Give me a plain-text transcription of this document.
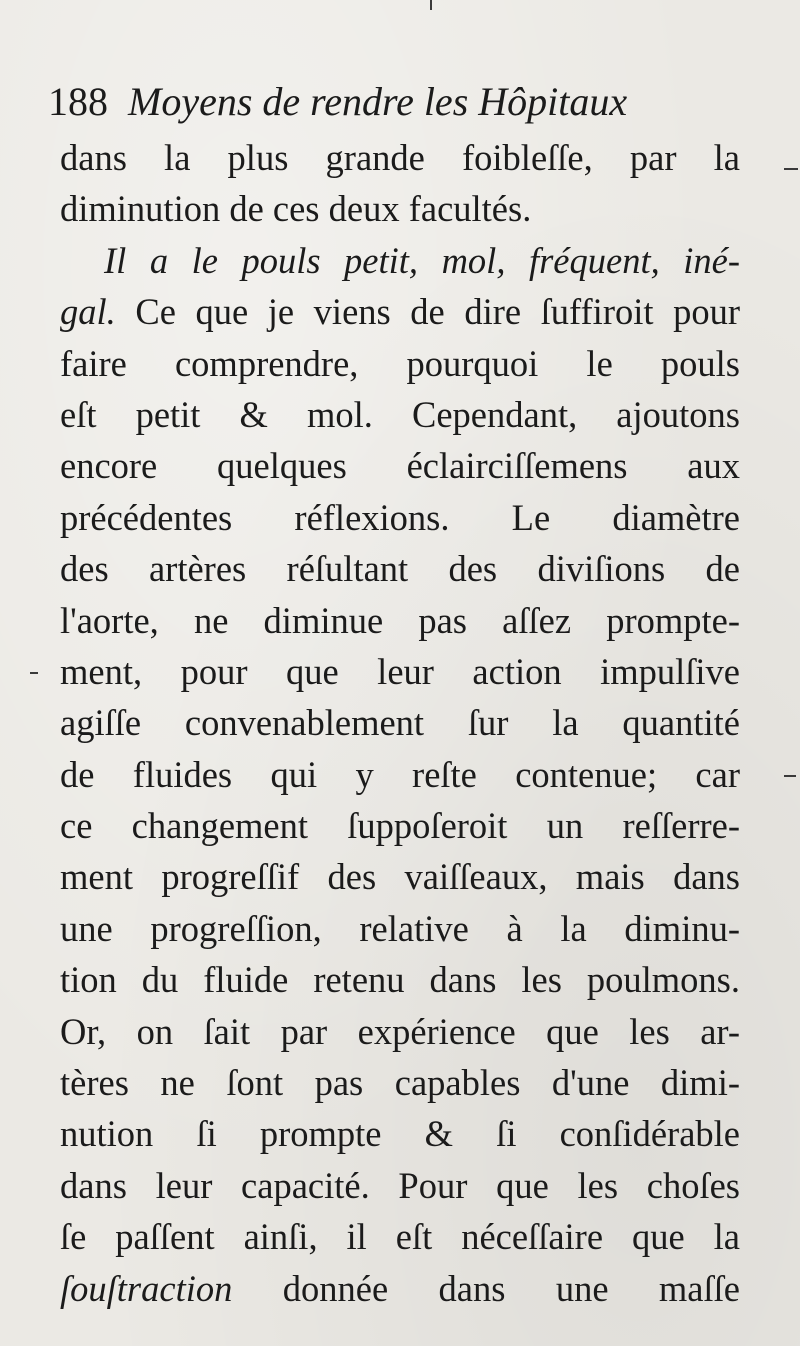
188 Moyens de rendre les Hôpitaux
dans la plus grande foibleſſe, par la
diminution de ces deux facultés.
Il a le pouls petit, mol, fréquent, iné-
gal. Ce que je viens de dire ſuffiroit pour
faire comprendre, pourquoi le pouls
eſt petit & mol. Cependant, ajoutons
encore quelques éclairciſſemens aux
précédentes réflexions. Le diamètre
des artères réſultant des diviſions de
l'aorte, ne diminue pas aſſez prompte-
ment, pour que leur action impulſive
agiſſe convenablement ſur la quantité
de fluides qui y reſte contenue; car
ce changement ſuppoſeroit un reſſerre-
ment progreſſif des vaiſſeaux, mais dans
une progreſſion, relative à la diminu-
tion du fluide retenu dans les poulmons.
Or, on ſait par expérience que les ar-
tères ne ſont pas capables d'une dimi-
nution ſi prompte & ſi conſidérable
dans leur capacité. Pour que les choſes
ſe paſſent ainſi, il eſt néceſſaire que la
ſouſtraction donnée dans une maſſe
